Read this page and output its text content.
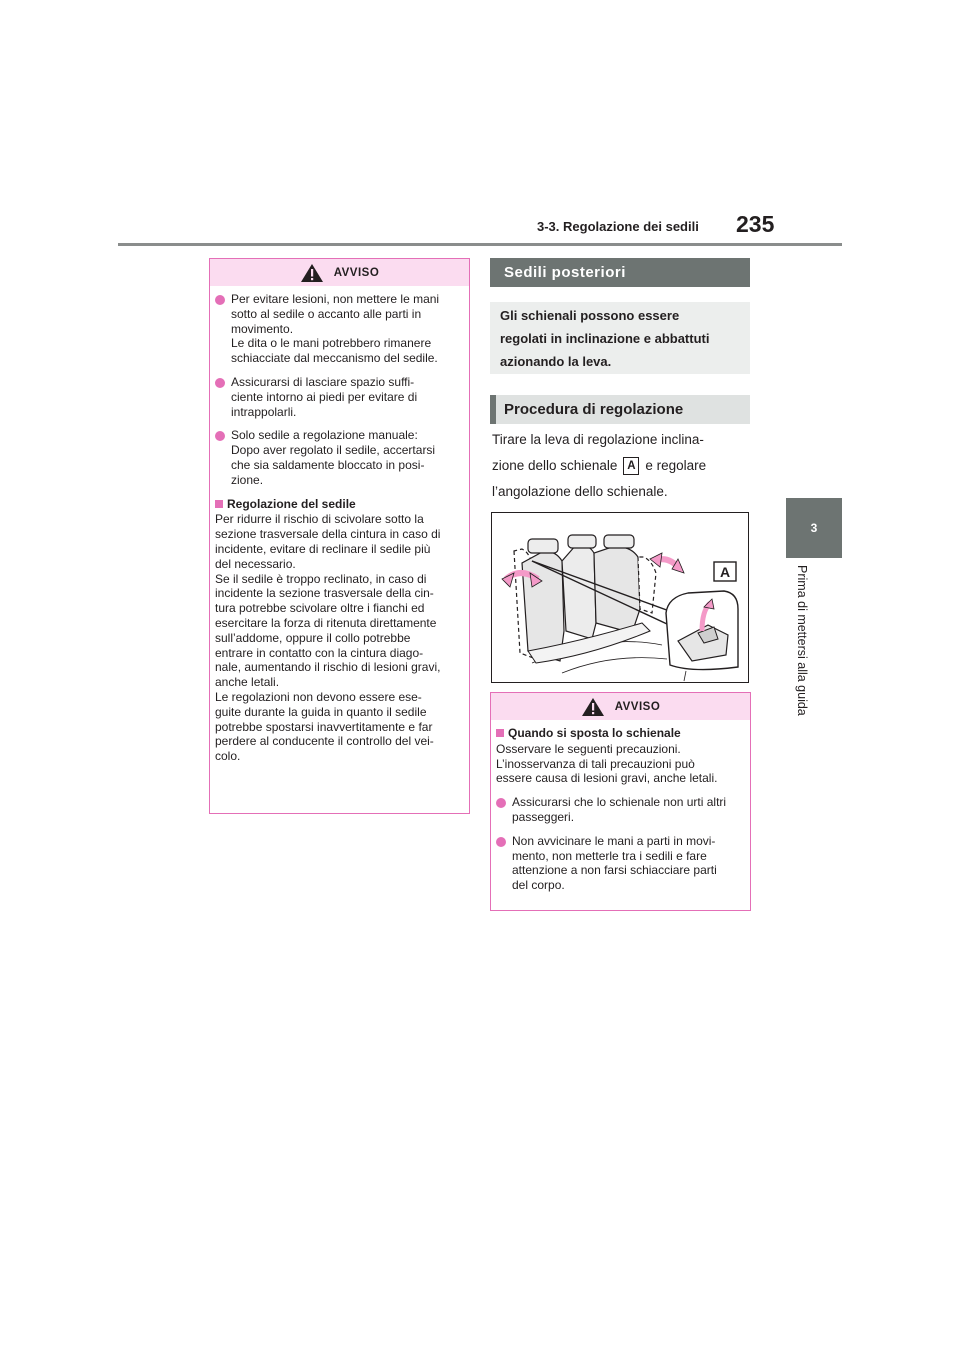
3-3. Regolazione dei sedili 235
3
Prima di mettersi alla guida
AVVISO
Per evitare lesioni, non mettere le mani
sotto al sedile o accanto alle parti in
movimento.
Le dita o le mani potrebbero rimanere
schiacciate dal meccanismo del sedile.
Assicurarsi di lasciare spazio suffi-
ciente intorno ai piedi per evitare di
intrappolarli.
Solo sedile a regolazione manuale:
Dopo aver regolato il sedile, accertarsi
che sia saldamente bloccato in posi-
zione.
Regolazione del sedile

Per ridurre il rischio di scivolare sotto la
sezione trasversale della cintura in caso di
incidente, evitare di reclinare il sedile più
del necessario.
Se il sedile è troppo reclinato, in caso di
incidente la sezione trasversale della cin-
tura potrebbe scivolare oltre i fianchi ed
esercitare la forza di ritenuta direttamente
sull’addome, oppure il collo potrebbe
entrare in contatto con la cintura diago-
nale, aumentando il rischio di lesioni gravi,
anche letali.
Le regolazioni non devono essere ese-
guite durante la guida in quanto il sedile
potrebbe spostarsi inavvertitamente e far
perdere al conducente il controllo del vei-
colo.

Sedili posteriori
Gli schienali possono essere
regolati in inclinazione e abbattuti
azionando la leva.
Procedura di regolazione
Tirare la leva di regolazione inclina-
zione dello schienale A e regolare
l’angolazione dello schienale.
A
AVVISO
Quando si sposta lo schienale

Osservare le seguenti precauzioni.
L’inosservanza di tali precauzioni può
essere causa di lesioni gravi, anche letali.

Assicurarsi che lo schienale non urti altri
passeggeri.
Non avvicinare le mani a parti in movi-
mento, non metterle tra i sedili e fare
attenzione a non farsi schiacciare parti
del corpo.
